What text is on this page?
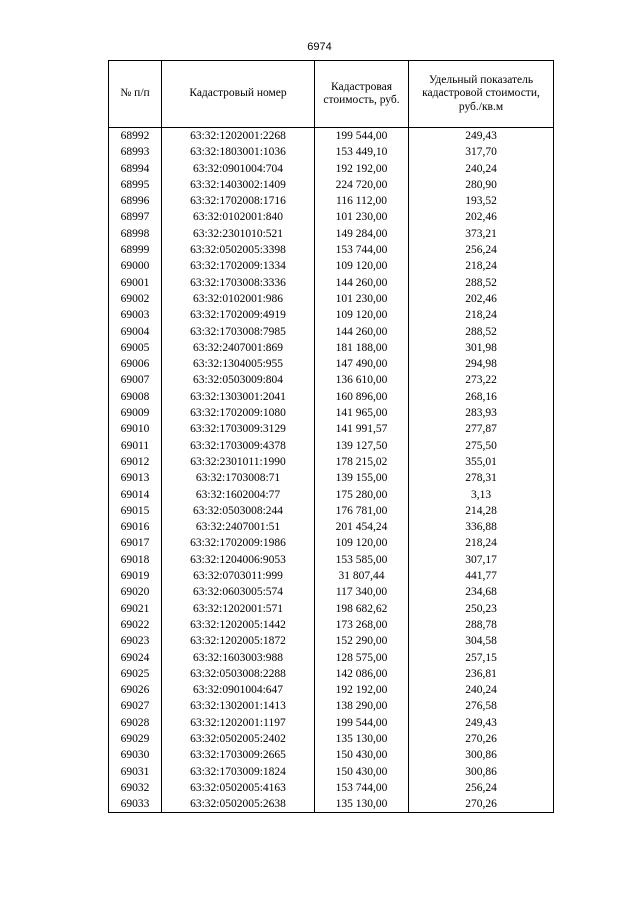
6974
№ п/п	Кадастровый номер	Кадастровая стоимость, руб.	Удельный показатель кадастровой стоимости, руб./кв.м
68992	63:32:1202001:2268	199 544,00	249,43
68993	63:32:1803001:1036	153 449,10	317,70
68994	63:32:0901004:704	192 192,00	240,24
68995	63:32:1403002:1409	224 720,00	280,90
68996	63:32:1702008:1716	116 112,00	193,52
68997	63:32:0102001:840	101 230,00	202,46
68998	63:32:2301010:521	149 284,00	373,21
68999	63:32:0502005:3398	153 744,00	256,24
69000	63:32:1702009:1334	109 120,00	218,24
69001	63:32:1703008:3336	144 260,00	288,52
69002	63:32:0102001:986	101 230,00	202,46
69003	63:32:1702009:4919	109 120,00	218,24
69004	63:32:1703008:7985	144 260,00	288,52
69005	63:32:2407001:869	181 188,00	301,98
69006	63:32:1304005:955	147 490,00	294,98
69007	63:32:0503009:804	136 610,00	273,22
69008	63:32:1303001:2041	160 896,00	268,16
69009	63:32:1702009:1080	141 965,00	283,93
69010	63:32:1703009:3129	141 991,57	277,87
69011	63:32:1703009:4378	139 127,50	275,50
69012	63:32:2301011:1990	178 215,02	355,01
69013	63:32:1703008:71	139 155,00	278,31
69014	63:32:1602004:77	175 280,00	3,13
69015	63:32:0503008:244	176 781,00	214,28
69016	63:32:2407001:51	201 454,24	336,88
69017	63:32:1702009:1986	109 120,00	218,24
69018	63:32:1204006:9053	153 585,00	307,17
69019	63:32:0703011:999	31 807,44	441,77
69020	63:32:0603005:574	117 340,00	234,68
69021	63:32:1202001:571	198 682,62	250,23
69022	63:32:1202005:1442	173 268,00	288,78
69023	63:32:1202005:1872	152 290,00	304,58
69024	63:32:1603003:988	128 575,00	257,15
69025	63:32:0503008:2288	142 086,00	236,81
69026	63:32:0901004:647	192 192,00	240,24
69027	63:32:1302001:1413	138 290,00	276,58
69028	63:32:1202001:1197	199 544,00	249,43
69029	63:32:0502005:2402	135 130,00	270,26
69030	63:32:1703009:2665	150 430,00	300,86
69031	63:32:1703009:1824	150 430,00	300,86
69032	63:32:0502005:4163	153 744,00	256,24
69033	63:32:0502005:2638	135 130,00	270,26
